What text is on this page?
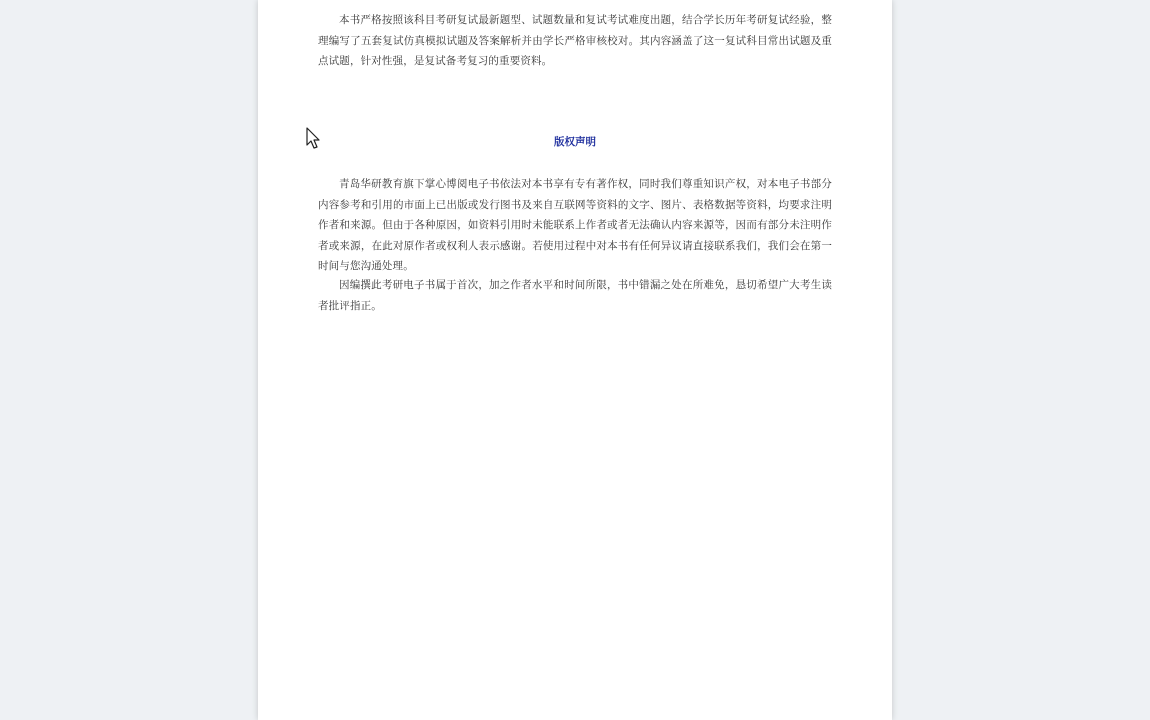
本书严格按照该科目考研复试最新题型、试题数量和复试考试难度出题，结合学长历年考研复试经验，整理编写了五套复试仿真模拟试题及答案解析并由学长严格审核校对。其内容涵盖了这一复试科目常出试题及重点试题，针对性强，是复试备考复习的重要资料。

版权声明

青岛华研教育旗下掌心博阅电子书依法对本书享有专有著作权，同时我们尊重知识产权，对本电子书部分内容参考和引用的市面上已出版或发行图书及来自互联网等资料的文字、图片、表格数据等资料，均要求注明作者和来源。但由于各种原因，如资料引用时未能联系上作者或者无法确认内容来源等，因而有部分未注明作者或来源，在此对原作者或权利人表示感谢。若使用过程中对本书有任何异议请直接联系我们，我们会在第一时间与您沟通处理。

因编撰此考研电子书属于首次，加之作者水平和时间所限，书中错漏之处在所难免，恳切希望广大考生读者批评指正。
